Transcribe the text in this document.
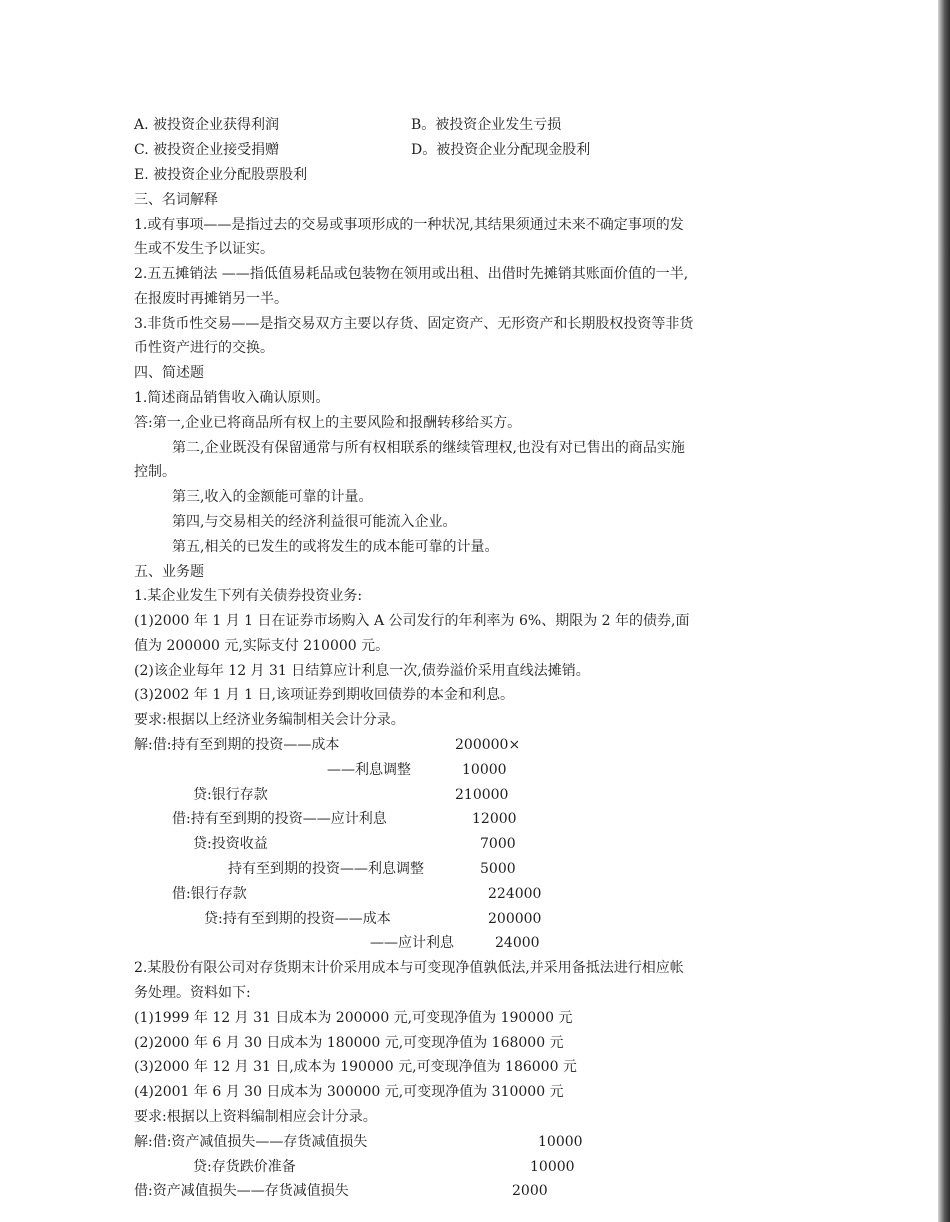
A. 被投资企业获得利润	B。被投资企业发生亏损
C. 被投资企业接受捐赠	D。被投资企业分配现金股利
E. 被投资企业分配股票股利
三、名词解释
1.或有事项——是指过去的交易或事项形成的一种状况,其结果须通过未来不确定事项的发
生或不发生予以证实。
2.五五摊销法 ——指低值易耗品或包装物在领用或出租、出借时先摊销其账面价值的一半,
在报废时再摊销另一半。
3.非货币性交易——是指交易双方主要以存货、固定资产、无形资产和长期股权投资等非货
币性资产进行的交换。
四、简述题
1.简述商品销售收入确认原则。
答:第一,企业已将商品所有权上的主要风险和报酬转移给买方。
第二,企业既没有保留通常与所有权相联系的继续管理权,也没有对已售出的商品实施
控制。
第三,收入的金额能可靠的计量。
第四,与交易相关的经济利益很可能流入企业。
第五,相关的已发生的或将发生的成本能可靠的计量。
五、业务题
1.某企业发生下列有关债券投资业务:
(1)2000 年 1 月 1 日在证券市场购入 A 公司发行的年利率为 6%、期限为 2 年的债券,面
值为 200000 元,实际支付 210000 元。
(2)该企业每年 12 月 31 日结算应计利息一次,债券溢价采用直线法摊销。
(3)2002 年 1 月 1 日,该项证券到期收回债券的本金和利息。
要求:根据以上经济业务编制相关会计分录。
解:借:持有至到期的投资——成本	200000×
——利息调整	10000
贷:银行存款	210000
借:持有至到期的投资——应计利息	12000
贷:投资收益	7000
持有至到期的投资——利息调整	5000
借:银行存款	224000
贷:持有至到期的投资——成本	200000
——应计利息	24000
2.某股份有限公司对存货期末计价采用成本与可变现净值孰低法,并采用备抵法进行相应帐
务处理。资料如下:
(1)1999 年 12 月 31 日成本为 200000 元,可变现净值为 190000 元
(2)2000 年 6 月 30 日成本为 180000 元,可变现净值为 168000 元
(3)2000 年 12 月 31 日,成本为 190000 元,可变现净值为 186000 元
(4)2001 年 6 月 30 日成本为 300000 元,可变现净值为 310000 元
要求:根据以上资料编制相应会计分录。
解:借:资产减值损失——存货减值损失	10000
贷:存货跌价准备	10000
借:资产减值损失——存货减值损失	2000
